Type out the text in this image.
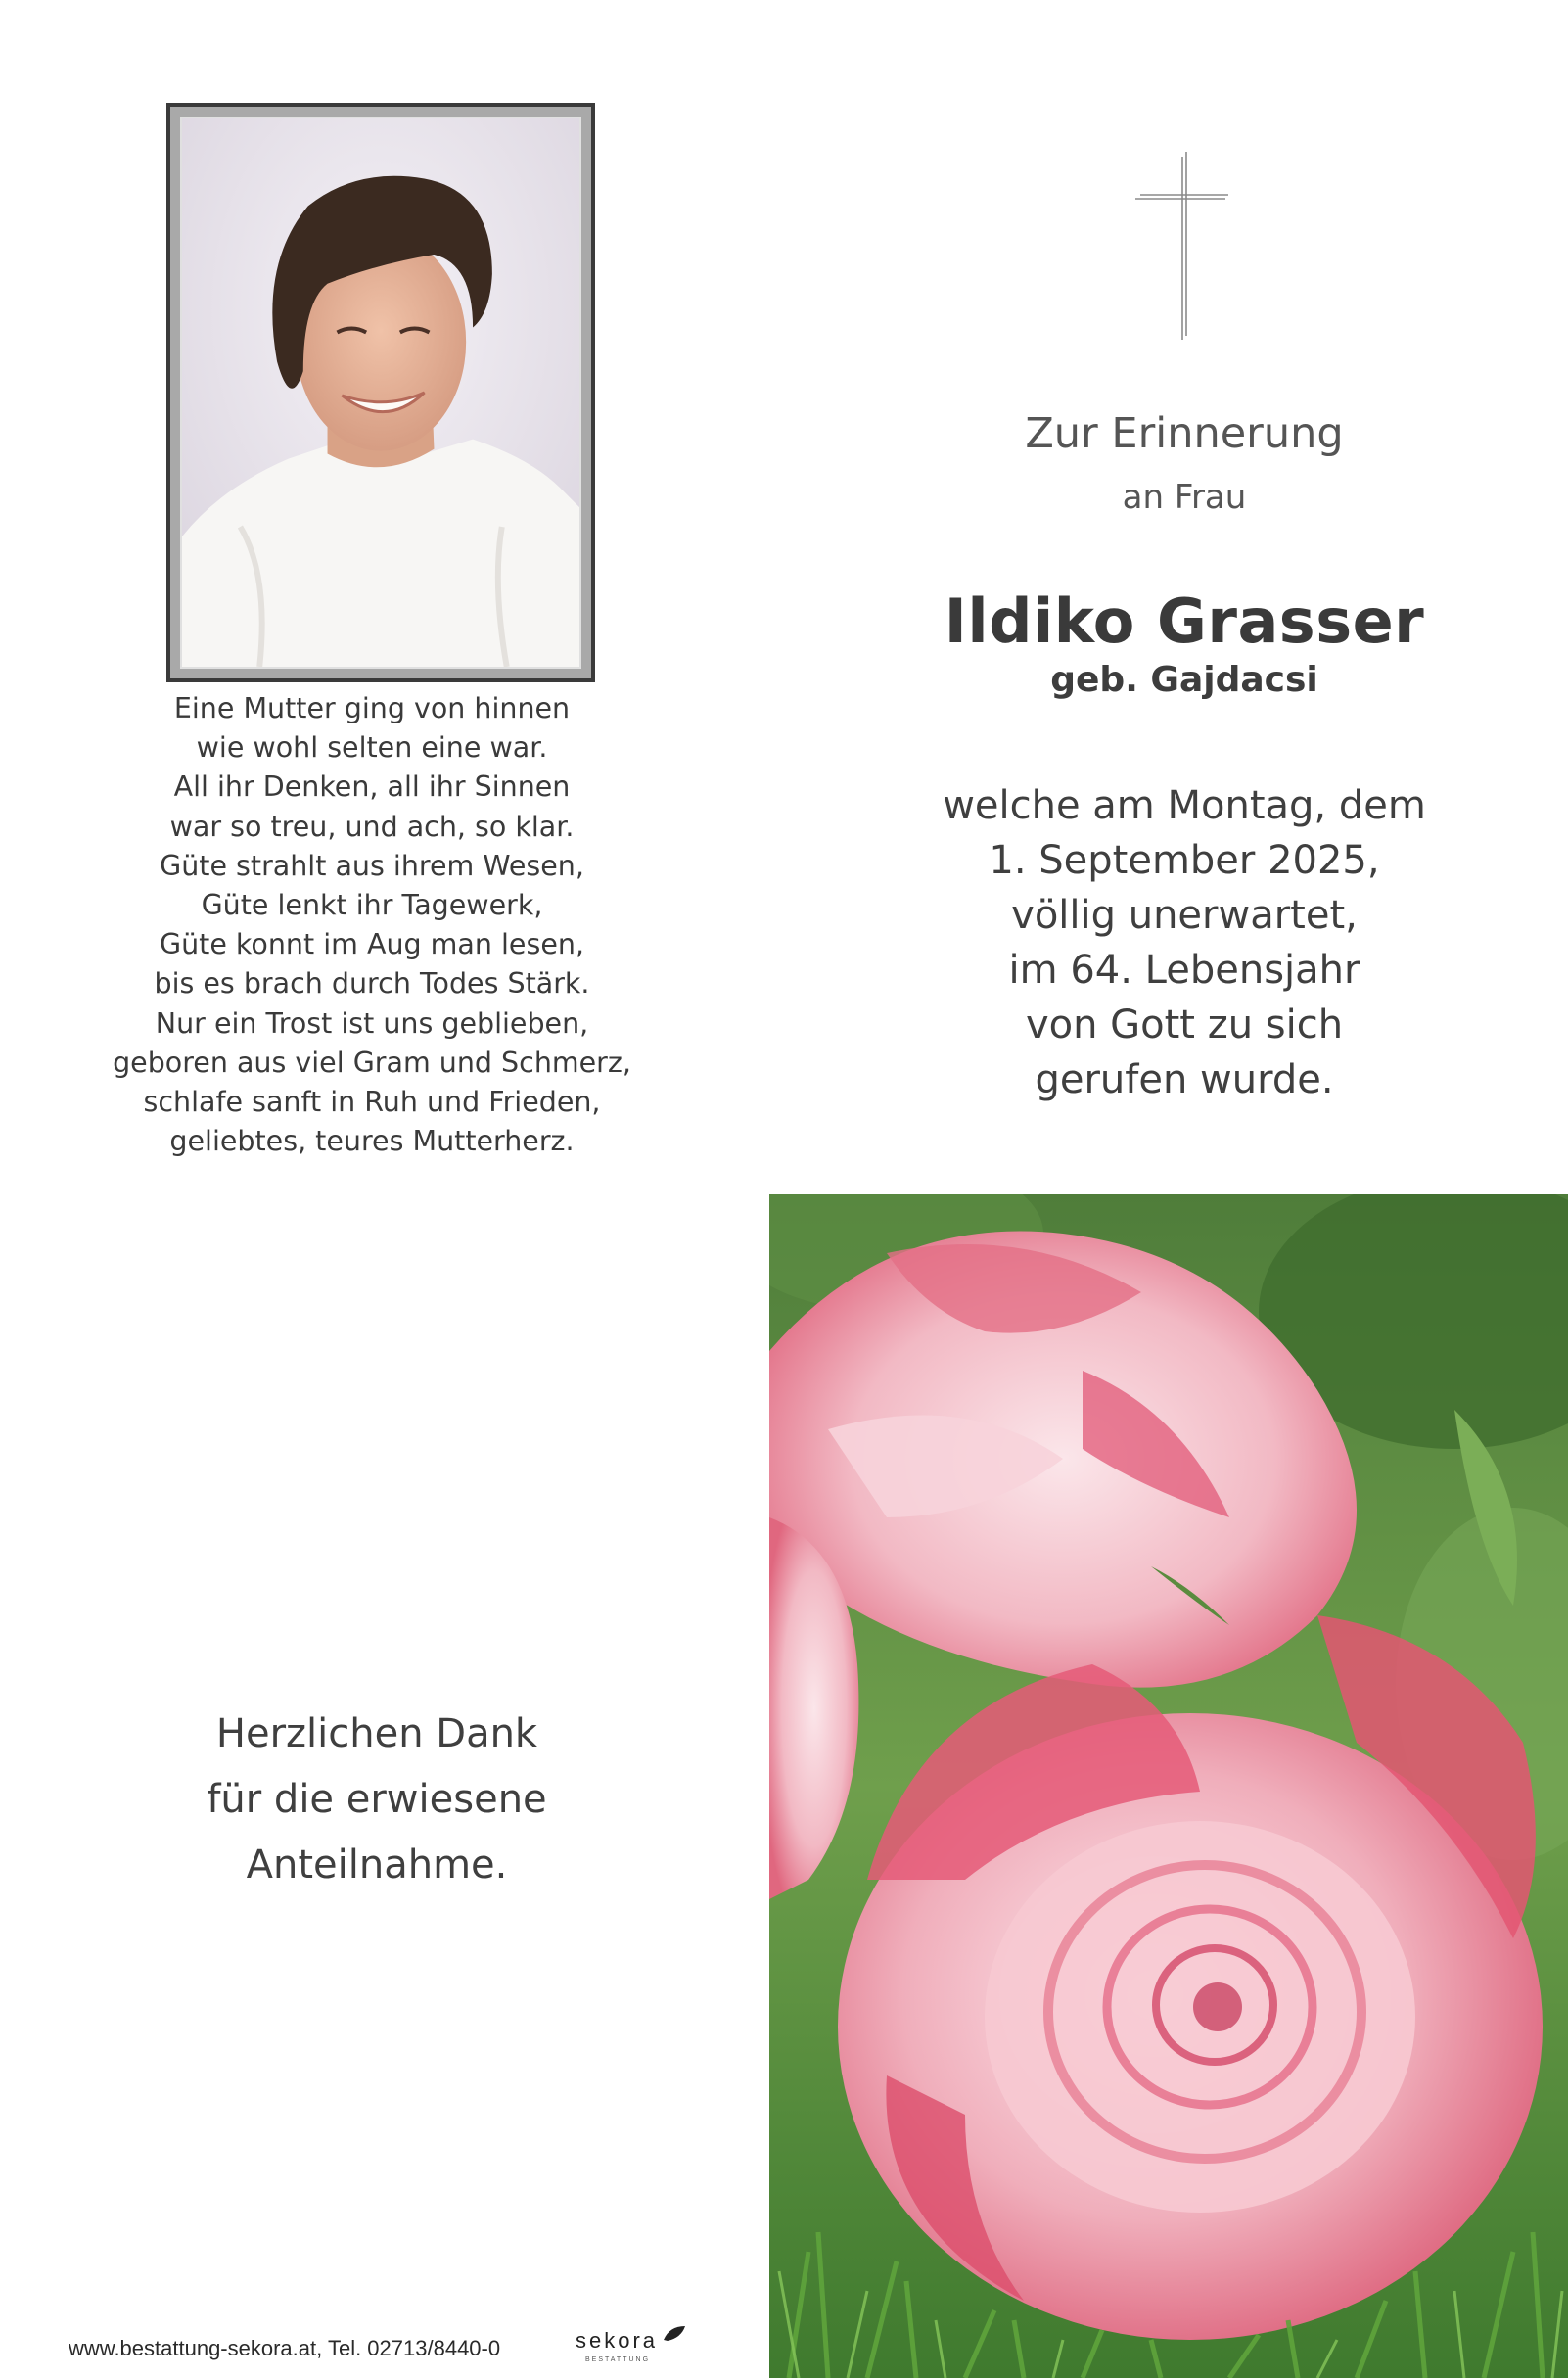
Eine Mutter ging von hinnen
wie wohl selten eine war.
All ihr Denken, all ihr Sinnen
war so treu, und ach, so klar.
Güte strahlt aus ihrem Wesen,
Güte lenkt ihr Tagewerk,
Güte konnt im Aug man lesen,
bis es brach durch Todes Stärk.
Nur ein Trost ist uns geblieben,
geboren aus viel Gram und Schmerz,
schlafe sanft in Ruh und Frieden,
geliebtes, teures Mutterherz.
Zur Erinnerung
an Frau
Ildiko Grasser
geb. Gajdacsi
welche am Montag, dem
1. September 2025,
völlig unerwartet,
im 64. Lebensjahr
von Gott zu sich
gerufen wurde.
Herzlichen Dank
für die erwiesene
Anteilnahme.
www.bestattung-sekora.at, Tel. 02713/8440-0	sekora
BESTATTUNG
